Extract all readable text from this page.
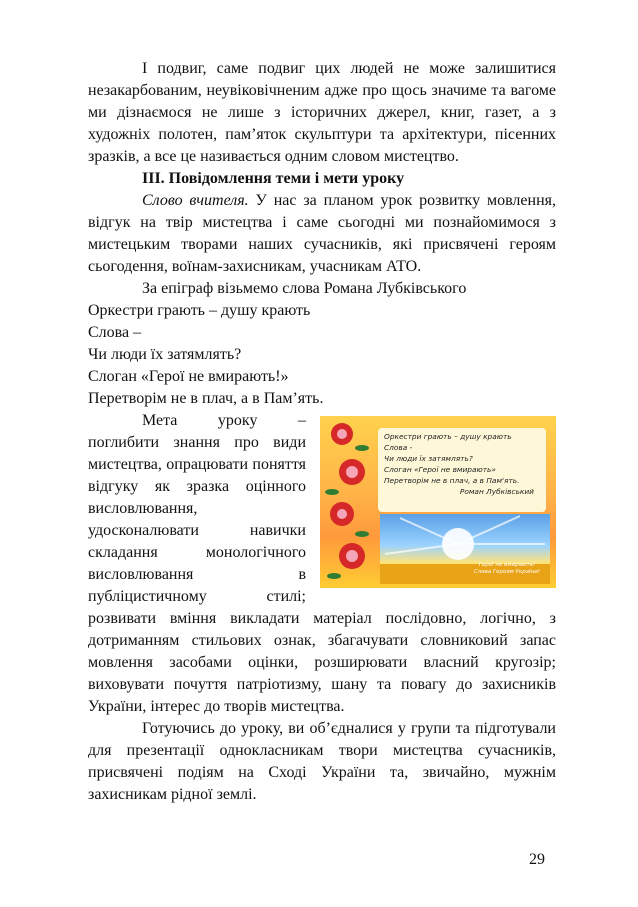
І подвиг, саме подвиг цих людей не може залишитися незакарбованим, неувіковічненим адже про щось значиме та вагоме ми дізнаємося не лише з історичних джерел, книг, газет, а з художніх полотен, пам’яток скульптури та архітектури, пісенних зразків, а все це називається одним словом мистецтво.

ІІІ. Повідомлення теми і мети уроку

Слово вчителя. У нас за планом урок розвитку мовлення, відгук на твір мистецтва і саме сьогодні ми познайомимося з мистецьким творами наших сучасників, які присвячені героям сьогодення, воїнам-захисникам, учасникам АТО.

За епіграф візьмемо слова Романа Лубківського

Оркестри грають – душу крають

Слова –

Чи люди їх затямлять?

Слоган «Герої не вмирають!»

Перетворім не в плач, а в Пам’ять.

Оркестри грають – душу крають
Слова -
Чи люди їх затямлять?
Слоган «Герої не вмирають»
Перетворім не в плач, а в Пам'ять.
Роман Лубківський
Герої не вмирають!
Слава Героям України!

Мета уроку – поглибити знання про види мистецтва, опрацювати поняття відгуку як зразка оцінного висловлювання, удосконалювати навички складання монологічного висловлювання в публіцистичному стилі; розвивати вміння викладати матеріал послідовно, логічно, з дотриманням стильових ознак, збагачувати словниковий запас мовлення засобами оцінки, розширювати власний кругозір; виховувати почуття патріотизму, шану та повагу до захисників України, інтерес до творів мистецтва.

Готуючись до уроку, ви об’єдналися у групи та підготували для презентації однокласникам твори мистецтва сучасників, присвячені подіям на Сході України та, звичайно, мужнім захисникам рідної землі.

29
